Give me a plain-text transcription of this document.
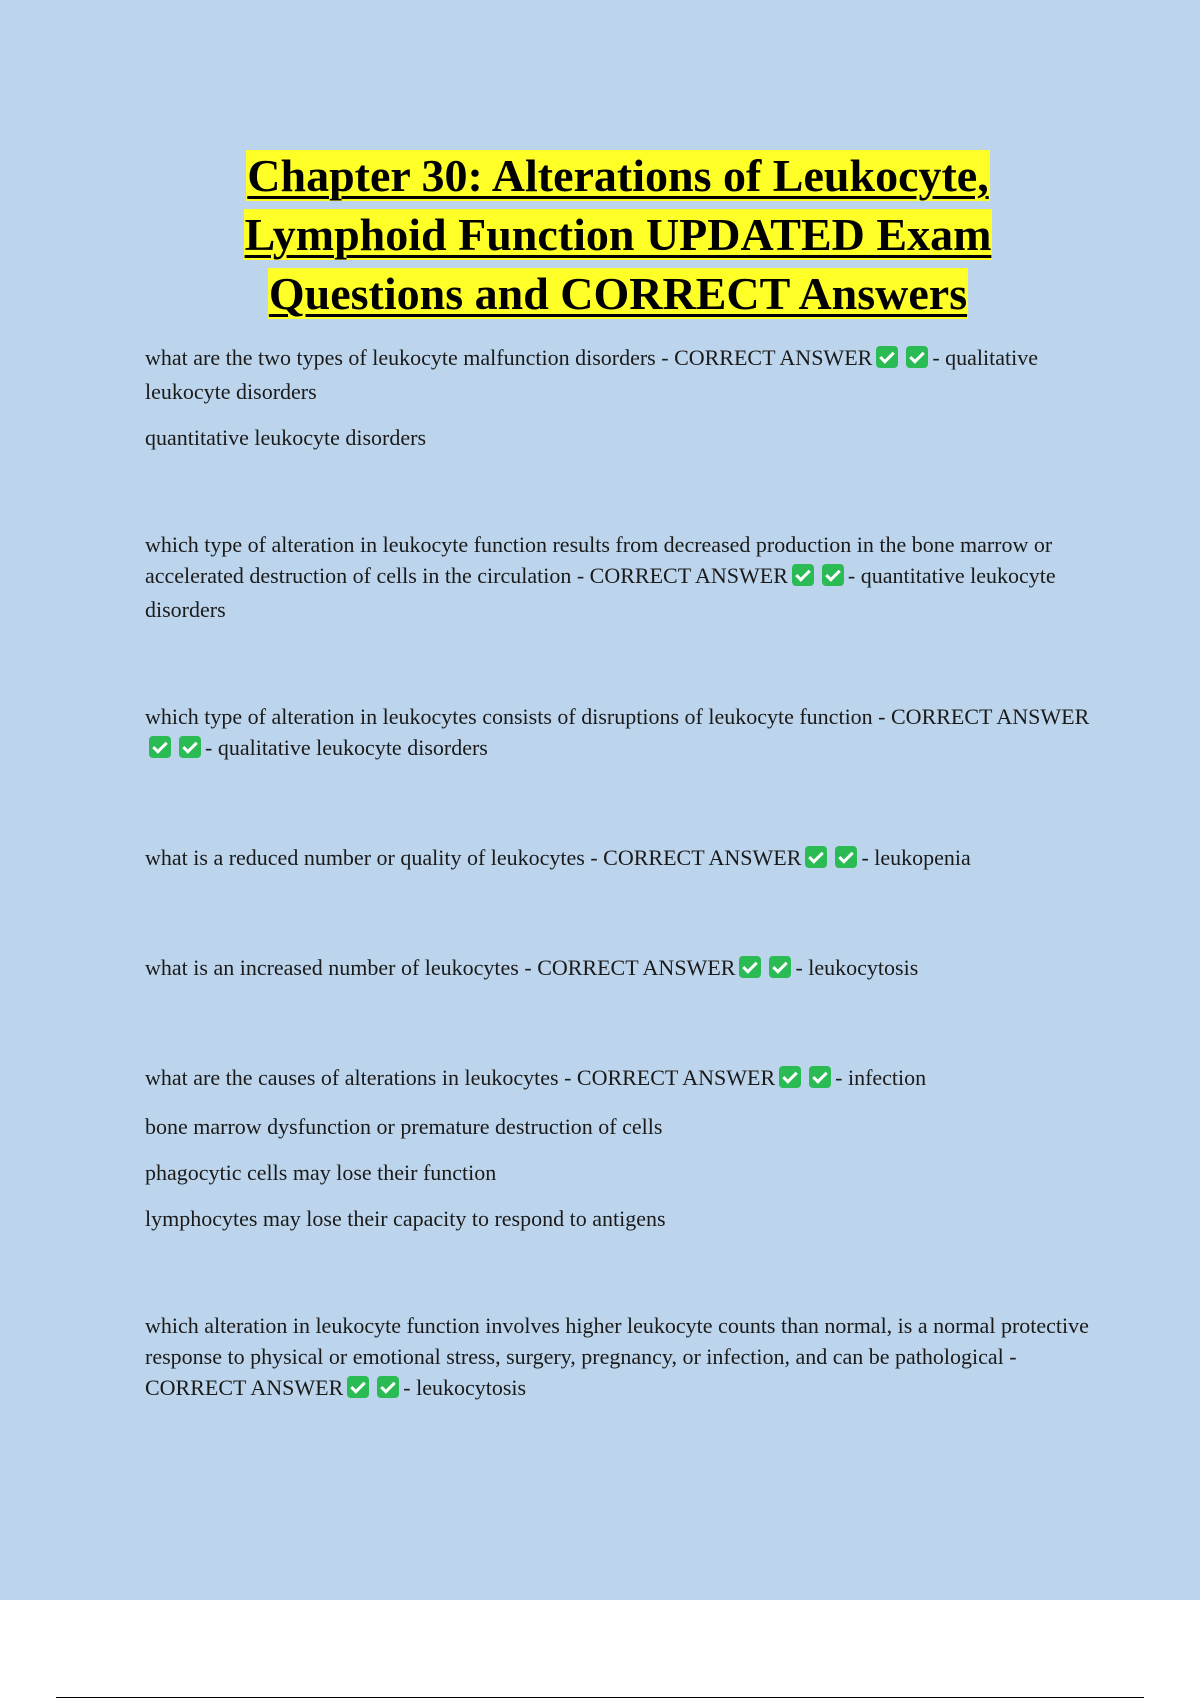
Chapter 30: Alterations of Leukocyte, Lymphoid Function UPDATED Exam Questions and CORRECT Answers

what are the two types of leukocyte malfunction disorders - CORRECT ANSWER	- qualitative leukocyte disorders

quantitative leukocyte disorders

which type of alteration in leukocyte function results from decreased production in the bone marrow or accelerated destruction of cells in the circulation - CORRECT ANSWER	- quantitative leukocyte disorders

which type of alteration in leukocytes consists of disruptions of leukocyte function - CORRECT ANSWER- qualitative leukocyte disorders

what is a reduced number or quality of leukocytes - CORRECT ANSWER	- leukopenia

what is an increased number of leukocytes - CORRECT ANSWER	- leukocytosis

what are the causes of alterations in leukocytes - CORRECT ANSWER	- infection

bone marrow dysfunction or premature destruction of cells

phagocytic cells may lose their function

lymphocytes may lose their capacity to respond to antigens

which alteration in leukocyte function involves higher leukocyte counts than normal, is a normal protective response to physical or emotional stress, surgery, pregnancy, or infection, and can be pathological - CORRECT ANSWER	- leukocytosis
